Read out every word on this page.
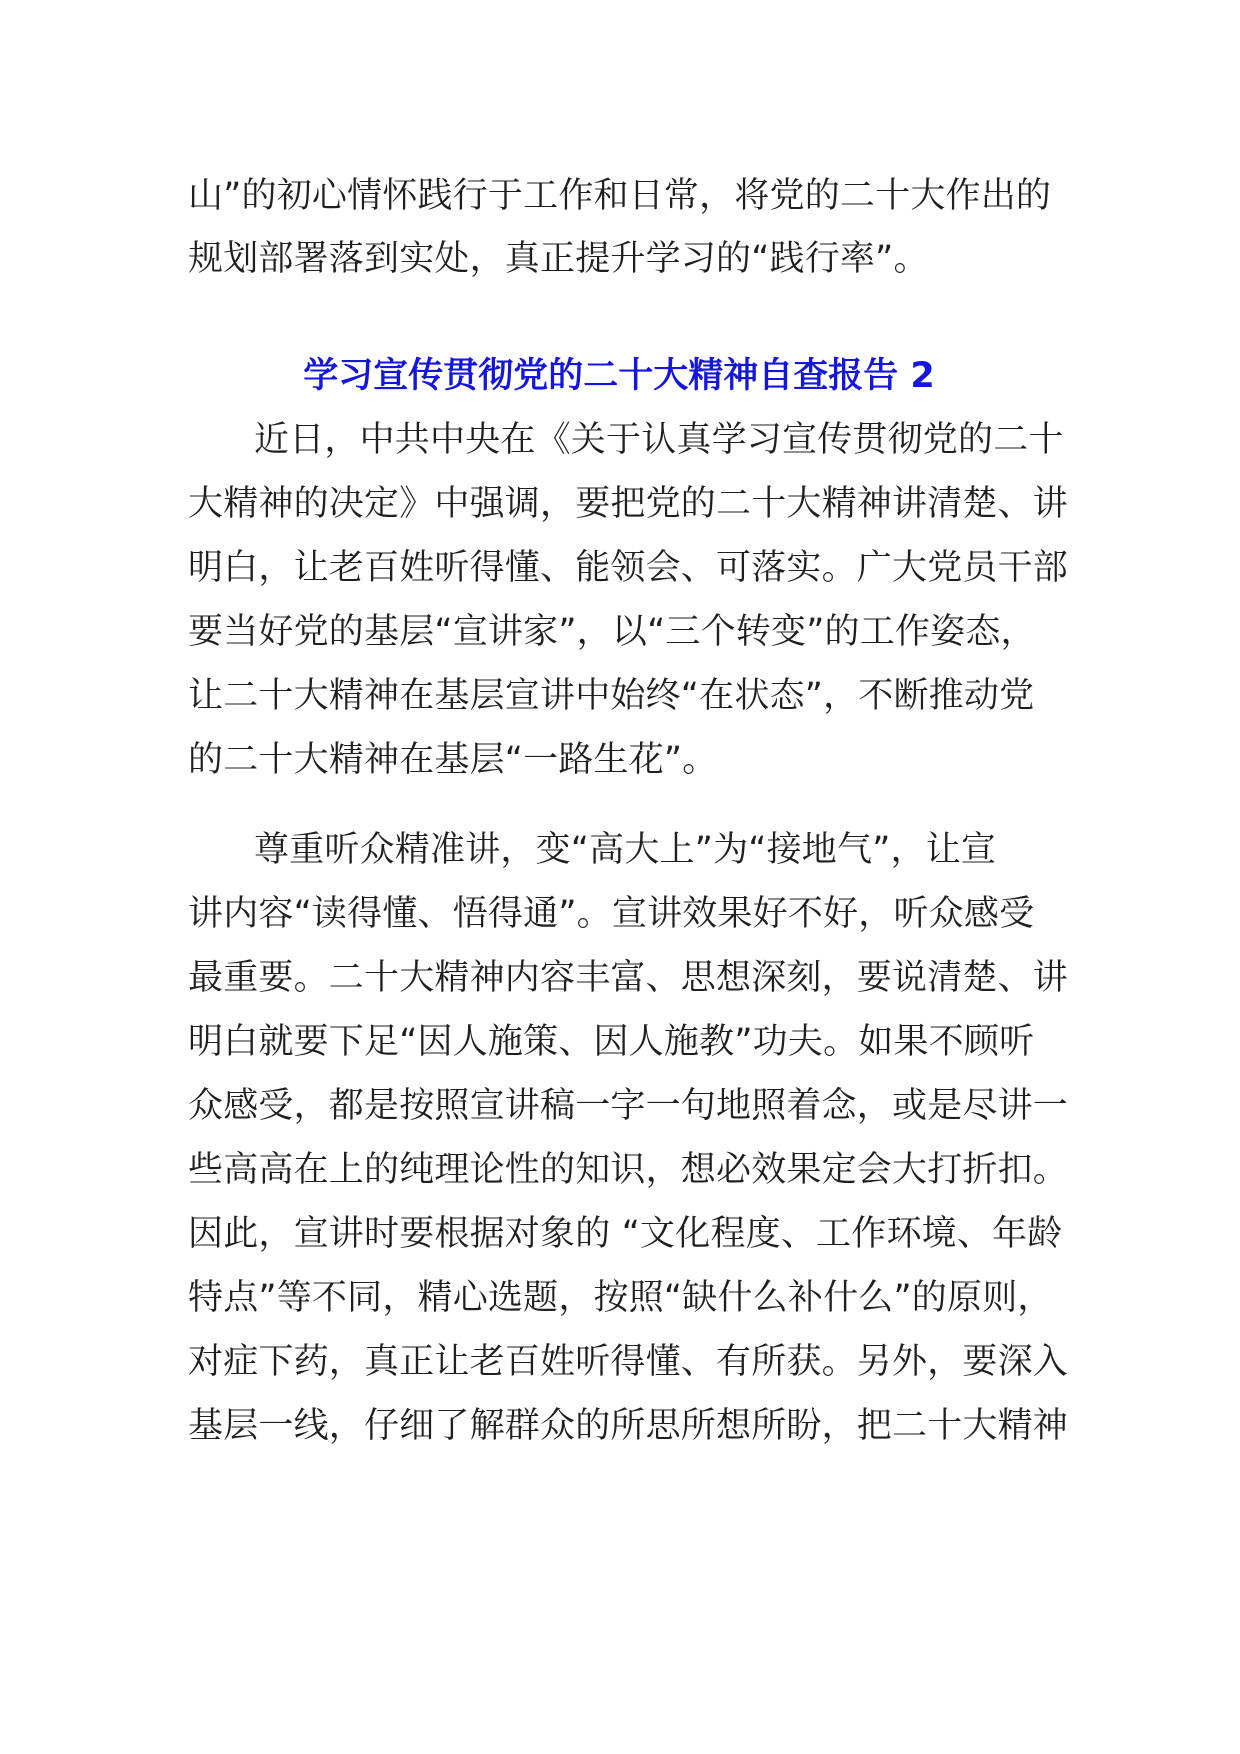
山”的初心情怀践行于工作和日常，将党的二十大作出的
规划部署落到实处，真正提升学习的“践行率”。
学习宣传贯彻党的二十大精神自查报告 2
近日，中共中央在《关于认真学习宣传贯彻党的二十
大精神的决定》中强调，要把党的二十大精神讲清楚、讲
明白，让老百姓听得懂、能领会、可落实。广大党员干部
要当好党的基层“宣讲家”，以“三个转变”的工作姿态，
让二十大精神在基层宣讲中始终“在状态”，不断推动党
的二十大精神在基层“一路生花”。
尊重听众精准讲，变“高大上”为“接地气”，让宣
讲内容“读得懂、悟得通”。宣讲效果好不好，听众感受
最重要。二十大精神内容丰富、思想深刻，要说清楚、讲
明白就要下足“因人施策、因人施教”功夫。如果不顾听
众感受，都是按照宣讲稿一字一句地照着念，或是尽讲一
些高高在上的纯理论性的知识，想必效果定会大打折扣。
因此，宣讲时要根据对象的 “文化程度、工作环境、年龄
特点”等不同，精心选题，按照“缺什么补什么”的原则，
对症下药，真正让老百姓听得懂、有所获。另外，要深入
基层一线，仔细了解群众的所思所想所盼，把二十大精神
